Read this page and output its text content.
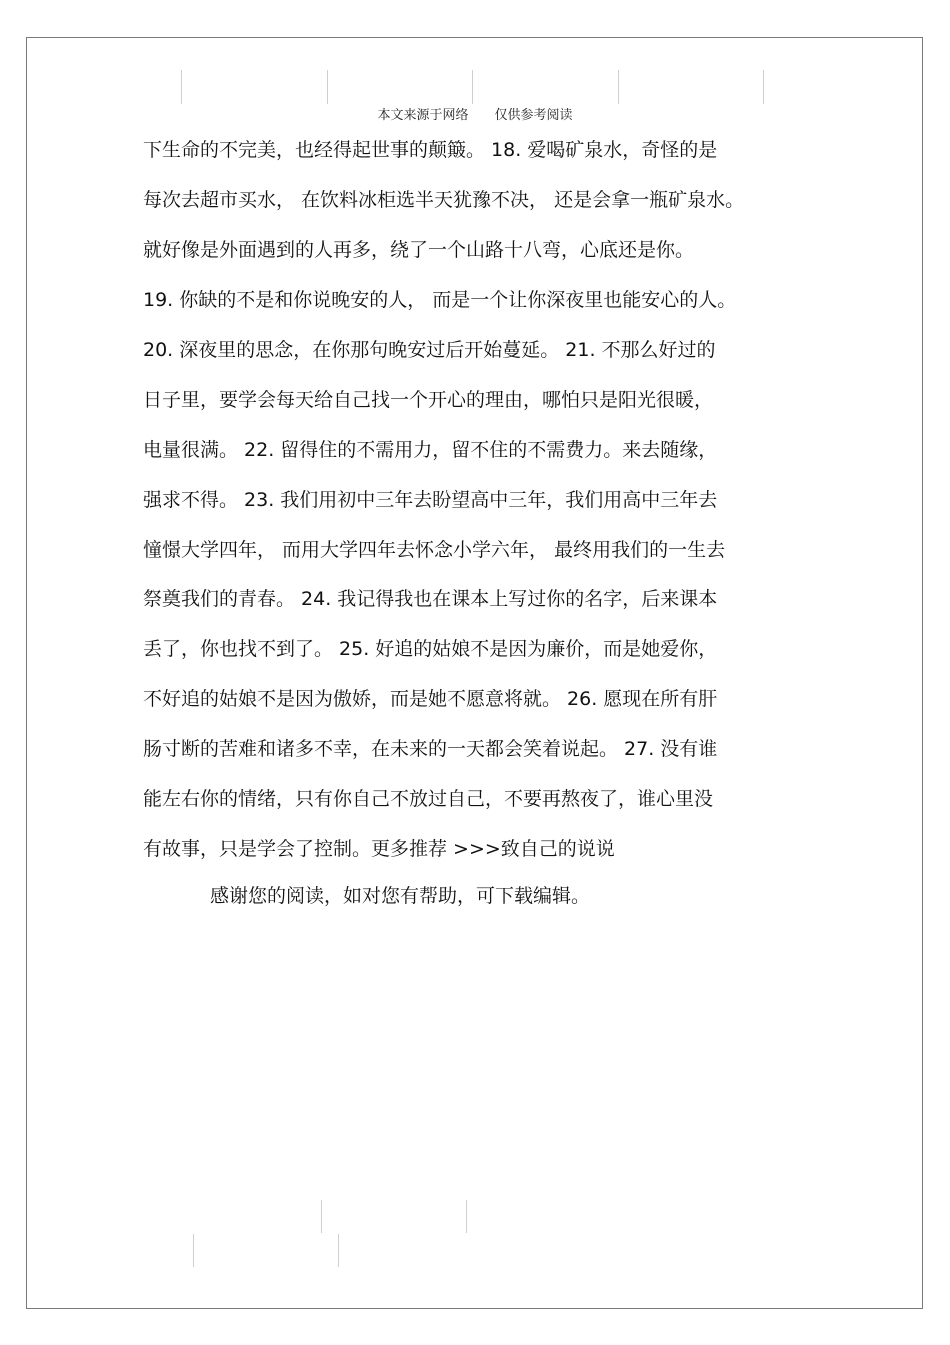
本文来源于网络 仅供参考阅读
下生命的不完美，也经得起世事的颠簸。 18. 爱喝矿泉水，奇怪的是
每次去超市买水， 在饮料冰柜选半天犹豫不决， 还是会拿一瓶矿泉水。
就好像是外面遇到的人再多，绕了一个山路十八弯，心底还是你。
19. 你缺的不是和你说晚安的人， 而是一个让你深夜里也能安心的人。
20. 深夜里的思念，在你那句晚安过后开始蔓延。 21. 不那么好过的
日子里，要学会每天给自己找一个开心的理由，哪怕只是阳光很暖，
电量很满。 22. 留得住的不需用力，留不住的不需费力。来去随缘，
强求不得。 23. 我们用初中三年去盼望高中三年，我们用高中三年去
憧憬大学四年， 而用大学四年去怀念小学六年， 最终用我们的一生去
祭奠我们的青春。 24. 我记得我也在课本上写过你的名字，后来课本
丢了，你也找不到了。 25. 好追的姑娘不是因为廉价，而是她爱你，
不好追的姑娘不是因为傲娇，而是她不愿意将就。 26. 愿现在所有肝
肠寸断的苦难和诸多不幸，在未来的一天都会笑着说起。 27. 没有谁
能左右你的情绪，只有你自己不放过自己，不要再熬夜了，谁心里没
有故事，只是学会了控制。更多推荐 >>>致自己的说说
感谢您的阅读，如对您有帮助，可下载编辑。
